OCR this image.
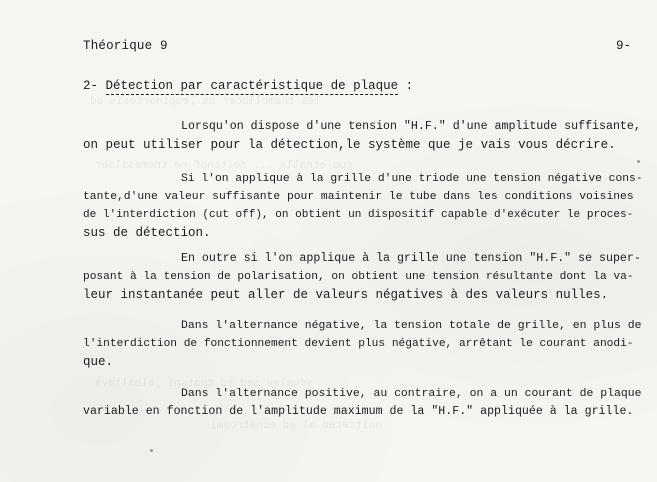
les tnamellucer us ,eupinortosis ed
ruo etnalla ... noitcnof ne tnemesilaer
sruelav sed ed tnatsni ,elbaliava
noitcetéd al ed ecnatropmi
Théorique 9	9-
2- Détection par caractéristique de plaque :
Lorsqu'on dispose d'une tension "H.F." d'une amplitude suffisante,
on peut utiliser pour la détection,le système que je vais vous décrire.
Si l'on applique à la grille d'une triode une tension négative cons-
tante,d'une valeur suffisante pour maintenir le tube dans les conditions voisines
de l'interdiction (cut off), on obtient un dispositif capable d'exécuter le proces-
sus de détection.
En outre si l'on applique à la grille une tension "H.F." se super-
posant à la tension de polarisation, on obtient une tension résultante dont la va-
leur instantanée peut aller de valeurs négatives à des valeurs nulles.
Dans l'alternance négative, la tension totale de grille, en plus de
l'interdiction de fonctionnement devient plus négative, arrêtant le courant anodi-
que.
Dans l'alternance positive, au contraire, on a un courant de plaque
variable en fonction de l'amplitude maximum de la "H.F." appliquée à la grille.
